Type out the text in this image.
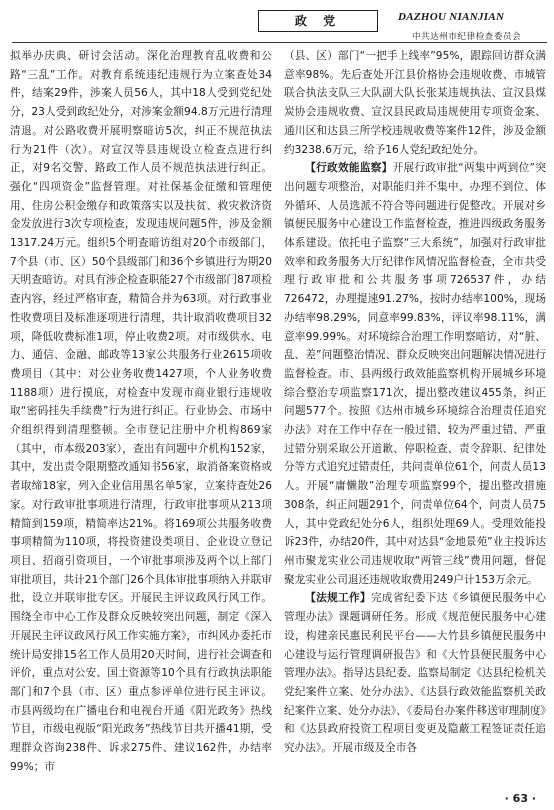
政 党	DAZHOU NIANJIAN
中共达州市纪律检查委员会

拟举办庆典、研讨会活动。深化治理教育乱收费和公路“三乱”工作。对教育系统违纪违规行为立案查处34件，结案29件，涉案人员56人，其中18人受到党纪处分，23人受到政纪处分，对涉案金额94.8万元进行清理清退。对公路收费开展明察暗访5次，纠正不规范执法行为21件（次）。对宣汉等县违规设立检查点进行纠正，对9名交警、路政工作人员不规范执法进行纠正。强化“四项资金”监督管理。对社保基金征缴和管理使用、住房公积金缴存和政策落实以及扶贫、救灾救济资金发放进行3次专项检查，发现违规问题5件，涉及金额1317.24万元。组织5个明查暗访组对20个市级部门，7个县（市、区）50个县级部门和36个乡镇进行为期20天明查暗访。对具有涉企检查职能27个市级部门87项检查内容，经过严格审查，精简合并为63项。对行政事业性收费项目及标准逐项进行清理，共计取消收费项目32项，降低收费标准1项，停止收费2项。对市级供水、电力、通信、金融、邮政等13家公共服务行业2615项收费项目（其中：对公业务收费1427项，个人业务收费1188项）进行摸底，对检查中发现市商业银行违规收取“密码挂失手续费”行为进行纠正。行业协会、市场中介组织得到清理整顿。全市登记注册中介机构869家（其中，市本级203家），查出有问题中介机构152家，其中，发出责令限期整改通知书56家，取消备案资格或者取缔18家，列入企业信用黑名单5家，立案待查处26家。对行政审批事项进行清理，行政审批事项从213项精简到159项，精简率达21%。将169项公共服务收费事项精简为110项，将投资建设类项目、企业设立登记项目、招商引资项目，一个审批事项涉及两个以上部门审批项目，共计21个部门26个具体审批事项纳入并联审批，设立并联审批专区。开展民主评议政风行风工作。围绕全市中心工作及群众反映较突出问题，制定《深入开展民主评议政风行风工作实施方案》，市纠风办委托市统计局安排15名工作人员用20天时间，进行社会调查和评价，重点对公安、国土资源等10个具有行政执法职能部门和7个县（市、区）重点参评单位进行民主评议。市县两级均在广播电台和电视台开通《阳光政务》热线节目，市级电视版“阳光政务”热线节目共开播41期，受理群众咨询238件、诉求275件、建议162件，办结率99%；市

（县、区）部门“一把手上线率”95%，跟踪回访群众满意率98%。先后查处开江县价格协会违规收费、市城管联合执法支队三大队副大队长张某违规执法、宣汉县煤炭协会违规收费、宣汉县民政局违规使用专项资金案、通川区和达县三所学校违规收费等案件12件，涉及金额约3238.6万元，给予16人党纪政纪处分。

【行政效能监察】开展行政审批“两集中两到位”突出问题专项整治，对职能归并不集中、办理不到位、体外循环、人员选派不符合等问题进行促整改。开展对乡镇便民服务中心建设工作监督检查，推进四级政务服务体系建设。依托电子监察“三大系统”，加强对行政审批效率和政务服务大厅纪律作风情况监督检查，全市共受理行政审批和公共服务事项726537件，办结726472，办理提速91.27%，按时办结率100%，现场办结率98.29%，同意率99.83%，评议率98.11%，满意率99.99%。对环境综合治理工作明察暗访，对“脏、乱、差”问题整治情况、群众反映突出问题解决情况进行监督检查。市、县两级行政效能监察机构开展城乡环境综合整治专项监察171次，提出整改建议455条，纠正问题577个。按照《达州市城乡环境综合治理责任追究办法》对在工作中存在一般过错、较为严重过错、严重过错分别采取公开道歉、停职检查、责令辞职、纪律处分等方式追究过错责任，共问责单位61个，问责人员13人。开展“庸懒散”治理专项监察99个，提出整改措施308条，纠正问题291个，问责单位64个，问责人员75人，其中党政纪处分6人，组织处理69人。受理效能投诉23件，办结20件，其中对达县“金地景苑”业主投诉达州市聚龙实业公司违规收取“两管三线”费用问题，督促聚龙实业公司退还违规收取费用249户计153万余元。

【法规工作】完成省纪委下达《乡镇便民服务中心管理办法》课题调研任务。形成《规范便民服务中心建设，构建亲民惠民利民平台——大竹县乡镇便民服务中心建设与运行管理调研报告》和《大竹县便民服务中心管理办法》。指导达县纪委、监察局制定《达县纪检机关党纪案件立案、处分办法》、《达县行政效能监察机关政纪案件立案、处分办法》、《委局台办案件移送审理制度》和《达县政府投资工程项目变更及隐蔽工程签证责任追究办法》。开展市级及全市各

· 63 ·
